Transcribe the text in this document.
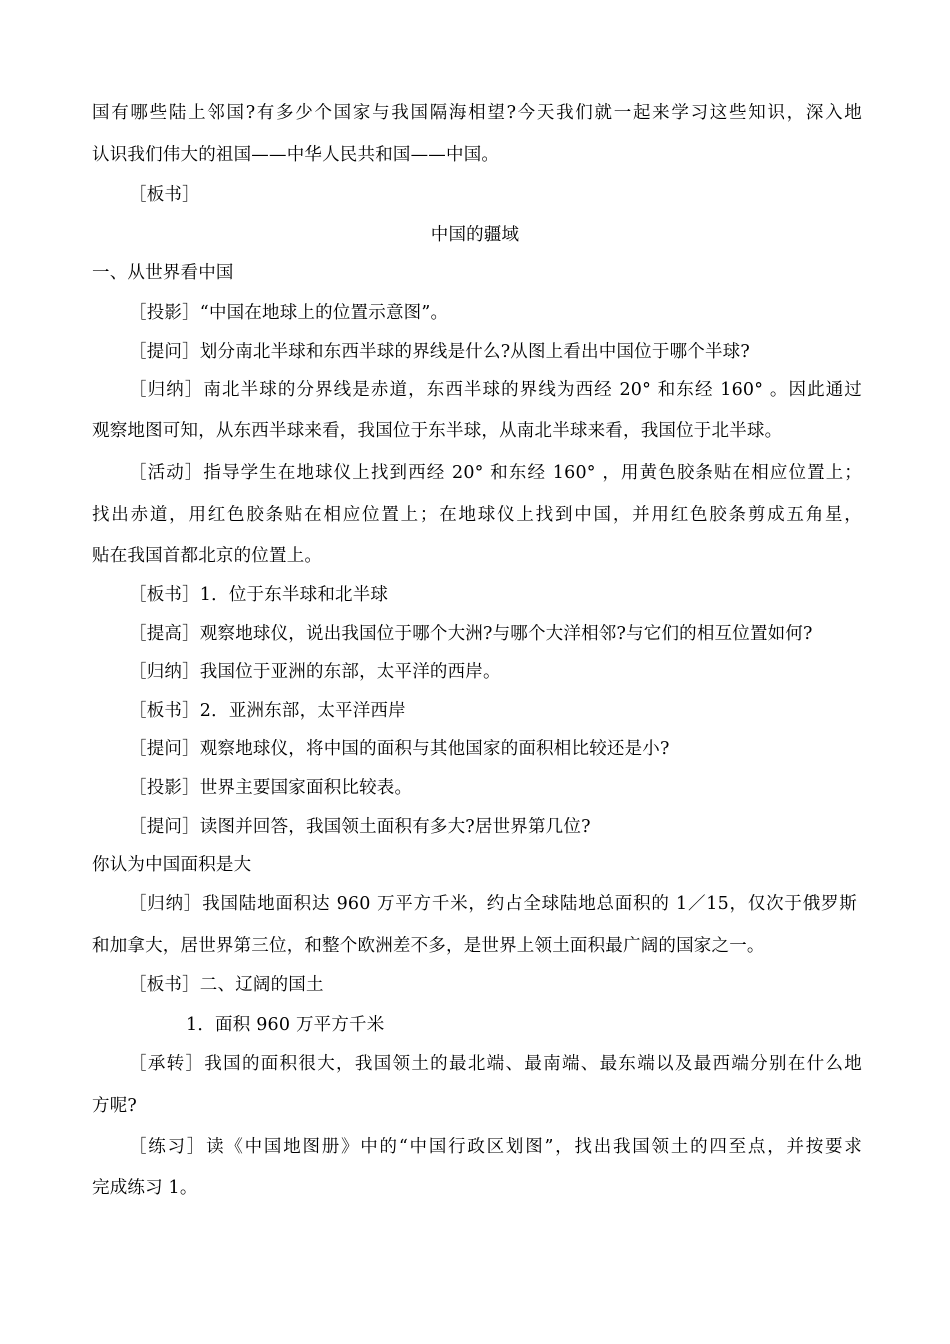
国有哪些陆上邻国?有多少个国家与我国隔海相望?今天我们就一起来学习这些知识，深入地
认识我们伟大的祖国——中华人民共和国——中国。
［板书］
中国的疆域
一、从世界看中国
［投影］“中国在地球上的位置示意图”。
［提问］划分南北半球和东西半球的界线是什么?从图上看出中国位于哪个半球?
［归纳］南北半球的分界线是赤道，东西半球的界线为西经 20° 和东经 160° 。因此通过
观察地图可知，从东西半球来看，我国位于东半球，从南北半球来看，我国位于北半球。
［活动］指导学生在地球仪上找到西经 20° 和东经 160° ，用黄色胶条贴在相应位置上；
找出赤道，用红色胶条贴在相应位置上；在地球仪上找到中国，并用红色胶条剪成五角星，
贴在我国首都北京的位置上。
［板书］1．位于东半球和北半球
［提高］观察地球仪，说出我国位于哪个大洲?与哪个大洋相邻?与它们的相互位置如何?
［归纳］我国位于亚洲的东部，太平洋的西岸。
［板书］2．亚洲东部，太平洋西岸
［提问］观察地球仪，将中国的面积与其他国家的面积相比较还是小?
［投影］世界主要国家面积比较表。
［提问］读图并回答，我国领土面积有多大?居世界第几位?
你认为中国面积是大
［归纳］我国陆地面积达 960 万平方千米，约占全球陆地总面积的 1／15，仅次于俄罗斯
和加拿大，居世界第三位，和整个欧洲差不多，是世界上领土面积最广阔的国家之一。
［板书］二、辽阔的国土
1．面积 960 万平方千米
［承转］我国的面积很大，我国领土的最北端、最南端、最东端以及最西端分别在什么地
方呢?
［练习］读《中国地图册》中的“中国行政区划图”，找出我国领土的四至点，并按要求
完成练习 1。
